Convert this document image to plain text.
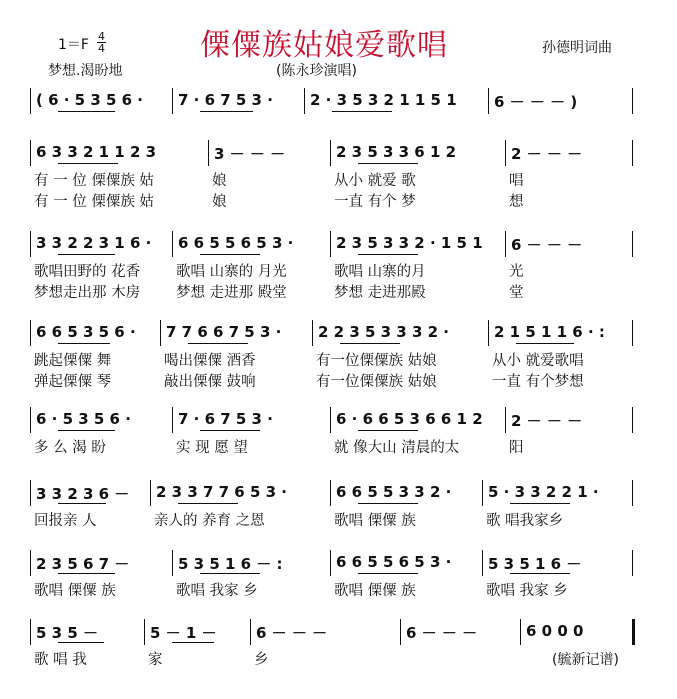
1＝F
4
4	傈僳族姑娘爱歌唱	孙德明词曲
梦想.渴盼地	(陈永珍演唱)
( 6 · 5 3 5 6 ·	7 · 6 7 5 3 ·	2 · 3 5 3 2 1 1 5 1	6 － － － )
6 3 3 2 1 1 2 3	3 － － －	2 3 5 3 3 6 1 2	2 － － －
有 一 位 傈僳族 姑	娘	从小 就爱 歌	唱
有 一 位 傈僳族 姑	娘	一直 有个 梦	想
3 3 2 2 3 1 6 ·	6 6 5 5 6 5 3 ·	2 3 5 3 3 2 · 1 5 1	6 － － －
歌唱田野的 花香	歌唱 山寨的 月光	歌唱 山寨的月	光
梦想走出那 木房	梦想 走进那 殿堂	梦想 走进那殿	堂
6 6 5 3 5 6 ·	7 7 6 6 7 5 3 ·	2 2 3 5 3 3 3 2 ·	2 1 5 1 1 6 · :
跳起傈僳 舞	喝出傈僳 酒香	有一位傈僳族 姑娘	从小 就爱歌唱
弹起傈僳 琴	敲出傈僳 鼓响	有一位傈僳族 姑娘	一直 有个梦想
6 · 5 3 5 6 ·	7 · 6 7 5 3 ·	6 · 6 6 5 3 6 6 1 2	2 － － －
多 么 渴 盼	实 现 愿 望	就 像大山 清晨的太	阳
3 3 2 3 6 －	2 3 3 7 7 6 5 3 ·	6 6 5 5 3 3 2 ·	5 · 3 3 2 2 1 ·
回报亲 人	亲人的 养育 之恩	歌唱 傈僳 族	歌 唱我家乡
2 3 5 6 7 －	5 3 5 1 6 － :	6 6 5 5 6 5 3 ·	5 3 5 1 6 －
歌唱 傈僳 族	歌唱 我家 乡	歌唱 傈僳 族	歌唱 我家 乡
5 3 5 －	5 － 1 －	6 － － －	6 － － －	6 0 0 0
歌 唱 我	家	乡	(毓新记谱)
